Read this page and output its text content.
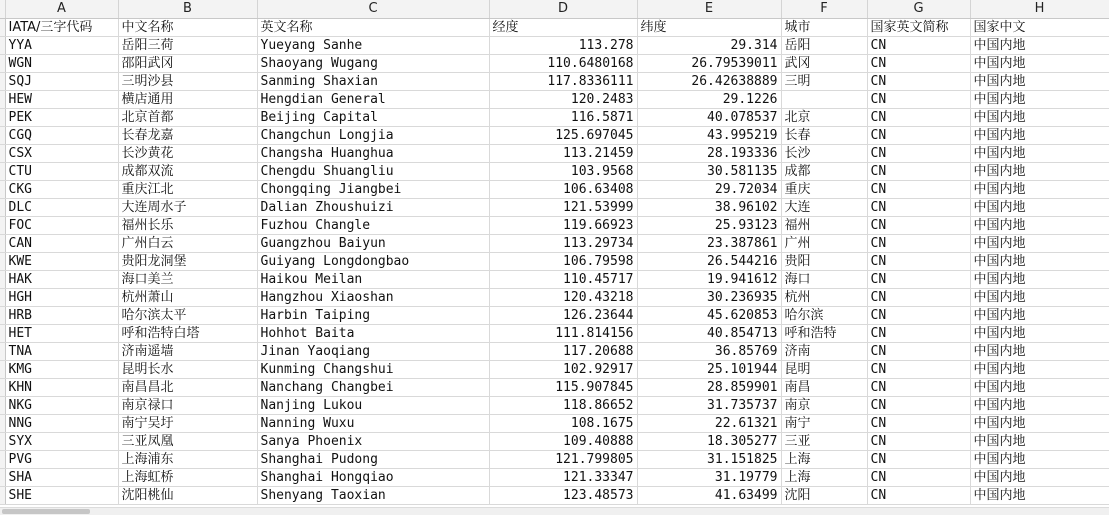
	A	B	C	D	E	F	G	H
	IATA/三字代码	中文名称	英文名称	经度	纬度	城市	国家英文简称	国家中文
	YYA	岳阳三荷	Yueyang Sanhe	113.278	29.314	岳阳	CN	中国内地
	WGN	邵阳武冈	Shaoyang Wugang	110.6480168	26.79539011	武冈	CN	中国内地
	SQJ	三明沙县	Sanming Shaxian	117.8336111	26.42638889	三明	CN	中国内地
	HEW	横店通用	Hengdian General	120.2483	29.1226		CN	中国内地
	PEK	北京首都	Beijing Capital	116.5871	40.078537	北京	CN	中国内地
	CGQ	长春龙嘉	Changchun Longjia	125.697045	43.995219	长春	CN	中国内地
	CSX	长沙黄花	Changsha Huanghua	113.21459	28.193336	长沙	CN	中国内地
	CTU	成都双流	Chengdu Shuangliu	103.9568	30.581135	成都	CN	中国内地
	CKG	重庆江北	Chongqing Jiangbei	106.63408	29.72034	重庆	CN	中国内地
	DLC	大连周水子	Dalian Zhoushuizi	121.53999	38.96102	大连	CN	中国内地
	FOC	福州长乐	Fuzhou Changle	119.66923	25.93123	福州	CN	中国内地
	CAN	广州白云	Guangzhou Baiyun	113.29734	23.387861	广州	CN	中国内地
	KWE	贵阳龙洞堡	Guiyang Longdongbao	106.79598	26.544216	贵阳	CN	中国内地
	HAK	海口美兰	Haikou Meilan	110.45717	19.941612	海口	CN	中国内地
	HGH	杭州萧山	Hangzhou Xiaoshan	120.43218	30.236935	杭州	CN	中国内地
	HRB	哈尔滨太平	Harbin Taiping	126.23644	45.620853	哈尔滨	CN	中国内地
	HET	呼和浩特白塔	Hohhot Baita	111.814156	40.854713	呼和浩特	CN	中国内地
	TNA	济南遥墙	Jinan Yaoqiang	117.20688	36.85769	济南	CN	中国内地
	KMG	昆明长水	Kunming Changshui	102.92917	25.101944	昆明	CN	中国内地
	KHN	南昌昌北	Nanchang Changbei	115.907845	28.859901	南昌	CN	中国内地
	NKG	南京禄口	Nanjing Lukou	118.86652	31.735737	南京	CN	中国内地
	NNG	南宁吴圩	Nanning Wuxu	108.1675	22.61321	南宁	CN	中国内地
	SYX	三亚凤凰	Sanya Phoenix	109.40888	18.305277	三亚	CN	中国内地
	PVG	上海浦东	Shanghai Pudong	121.799805	31.151825	上海	CN	中国内地
	SHA	上海虹桥	Shanghai Hongqiao	121.33347	31.19779	上海	CN	中国内地
	SHE	沈阳桃仙	Shenyang Taoxian	123.48573	41.63499	沈阳	CN	中国内地
